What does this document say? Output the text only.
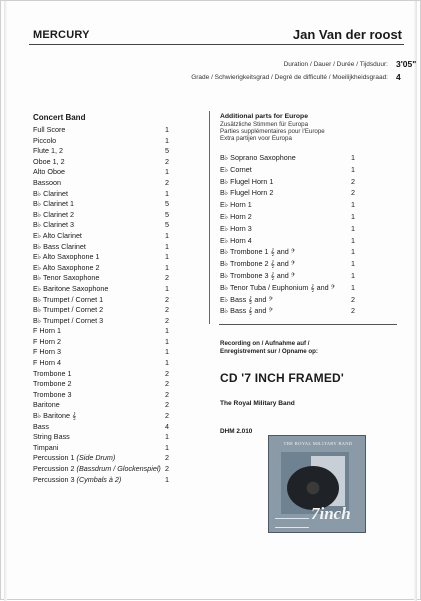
MERCURY	Jan Van der roost
Duration / Dauer / Durée / Tijdsduur: 3'05"
Grade / Schwierigkeitsgrad / Degré de difficulté / Moeilijkheidsgraad: 4
Concert Band
Full Score	1
Piccolo	1
Flute 1, 2	5
Oboe 1, 2	2
Alto Oboe	1
Bassoon	2
B♭ Clarinet	1
B♭ Clarinet 1	5
B♭ Clarinet 2	5
B♭ Clarinet 3	5
E♭ Alto Clarinet	1
B♭ Bass Clarinet	1
E♭ Alto Saxophone 1	1
E♭ Alto Saxophone 2	1
B♭ Tenor Saxophone	2
E♭ Baritone Saxophone	1
B♭ Trumpet / Cornet 1	2
B♭ Trumpet / Cornet 2	2
B♭ Trumpet / Cornet 3	2
F Horn 1	1
F Horn 2	1
F Horn 3	1
F Horn 4	1
Trombone 1	2
Trombone 2	2
Trombone 3	2
Baritone	2
B♭ Baritone 𝄞	2
Bass	4
String Bass	1
Timpani	1
Percussion 1 (Side Drum)	2
Percussion 2 (Bassdrum / Glockenspiel) 2
Percussion 3 (Cymbals à 2)	1
Additional parts for Europe
Zusätzliche Stimmen für Europa
Parties supplémentaires pour l'Europe
Extra partijen voor Europa
B♭ Soprano Saxophone	1
E♭ Cornet	1
B♭ Flugel Horn 1	2
B♭ Flugel Horn 2	2
E♭ Horn 1	1
E♭ Horn 2	1
E♭ Horn 3	1
E♭ Horn 4	1
B♭ Trombone 1 𝄞 and 𝄢	1
B♭ Trombone 2 𝄞 and 𝄢	1
B♭ Trombone 3 𝄞 and 𝄢	1
B♭ Tenor Tuba / Euphonium 𝄞 and 𝄢 1
E♭ Bass 𝄞 and 𝄢	2
B♭ Bass 𝄞 and 𝄢	2
Recording on / Aufnahme auf /
Enregistrement sur / Opname op:
CD '7 INCH FRAMED'
The Royal Military Band
DHM 2.010
THE ROYAL MILITARY BAND
7inch
